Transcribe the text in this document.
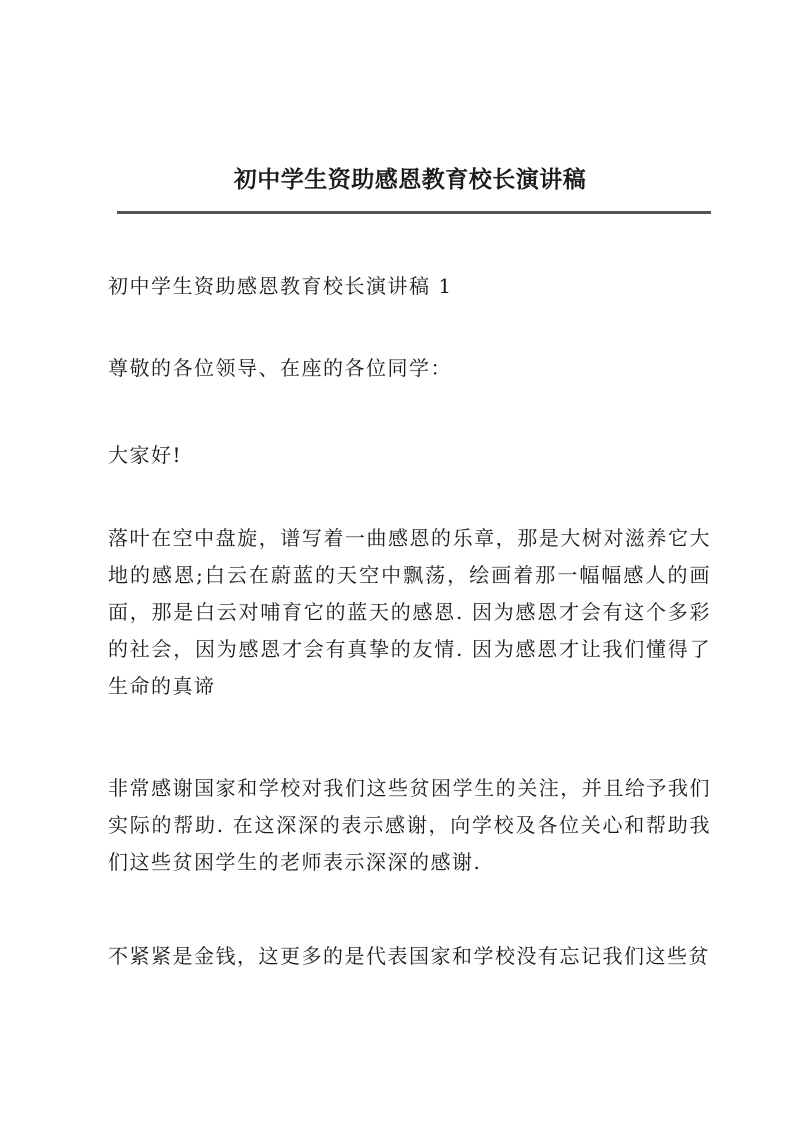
初中学生资助感恩教育校长演讲稿

初中学生资助感恩教育校长演讲稿 1

尊敬的各位领导、在座的各位同学：

大家好!

落叶在空中盘旋，谱写着一曲感恩的乐章，那是大树对滋养它大地的感恩;白云在蔚蓝的天空中飘荡，绘画着那一幅幅感人的画面，那是白云对哺育它的蓝天的感恩. 因为感恩才会有这个多彩的社会，因为感恩才会有真挚的友情. 因为感恩才让我们懂得了生命的真谛

非常感谢国家和学校对我们这些贫困学生的关注，并且给予我们实际的帮助. 在这深深的表示感谢，向学校及各位关心和帮助我们这些贫困学生的老师表示深深的感谢.

不紧紧是金钱，这更多的是代表国家和学校没有忘记我们这些贫
